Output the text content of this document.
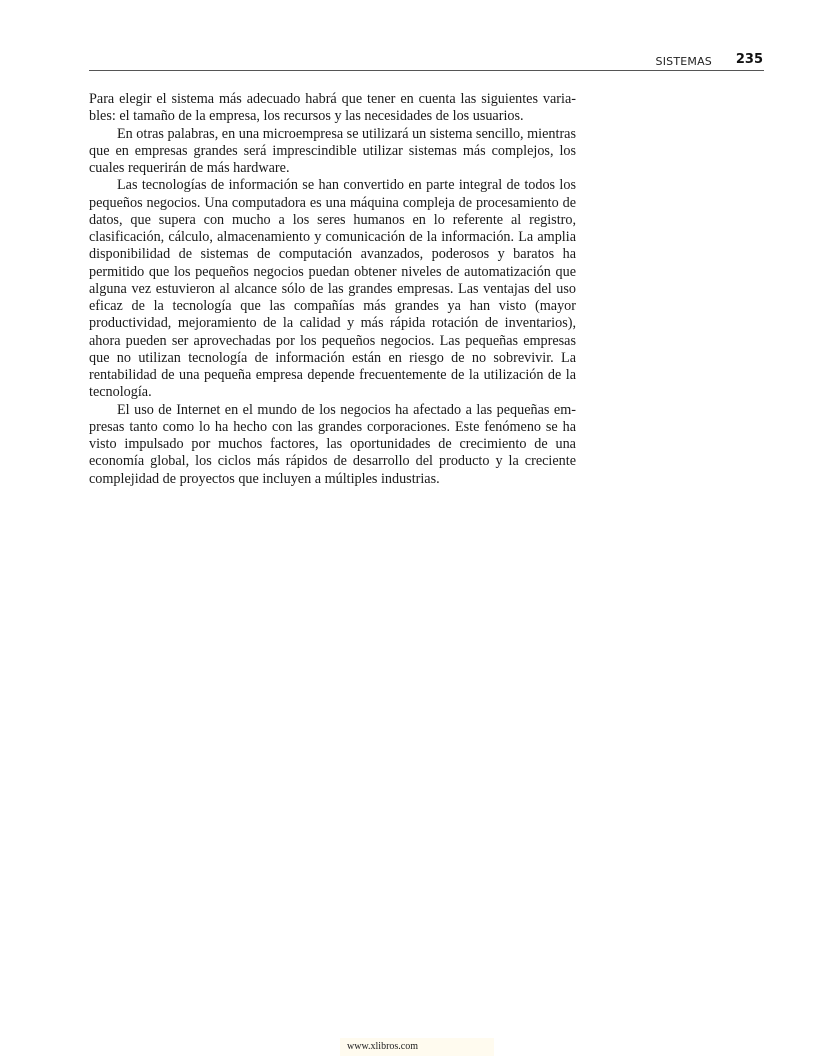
SISTEMAS 235

Para elegir el sistema más adecuado habrá que tener en cuenta las siguientes variables: el tamaño de la empresa, los recursos y las necesidades de los usuarios.

En otras palabras, en una microempresa se utilizará un sistema sencillo, mientras que en empresas grandes será imprescindible utilizar sistemas más complejos, los cuales requerirán de más hardware.

Las tecnologías de información se han convertido en parte integral de todos los pequeños negocios. Una computadora es una máquina compleja de procesamiento de datos, que supera con mucho a los seres humanos en lo referente al registro, clasificación, cálculo, almacenamiento y comunicación de la información. La amplia disponibilidad de sistemas de computación avanzados, poderosos y baratos ha permitido que los pequeños negocios puedan obtener niveles de automatización que alguna vez estuvieron al alcance sólo de las grandes empresas. Las ventajas del uso eficaz de la tecnología que las compañías más grandes ya han visto (mayor productividad, mejoramiento de la calidad y más rápida rotación de inventarios), ahora pueden ser aprovechadas por los pequeños negocios. Las pequeñas empresas que no utilizan tecnología de información están en riesgo de no sobrevivir. La rentabilidad de una pequeña empresa depende frecuentemente de la utilización de la tecnología.

El uso de Internet en el mundo de los negocios ha afectado a las pequeñas empresas tanto como lo ha hecho con las grandes corporaciones. Este fenómeno se ha visto impulsado por muchos factores, las oportunidades de crecimiento de una economía global, los ciclos más rápidos de desarrollo del producto y la creciente complejidad de proyectos que incluyen a múltiples industrias.

www.xlibros.com
